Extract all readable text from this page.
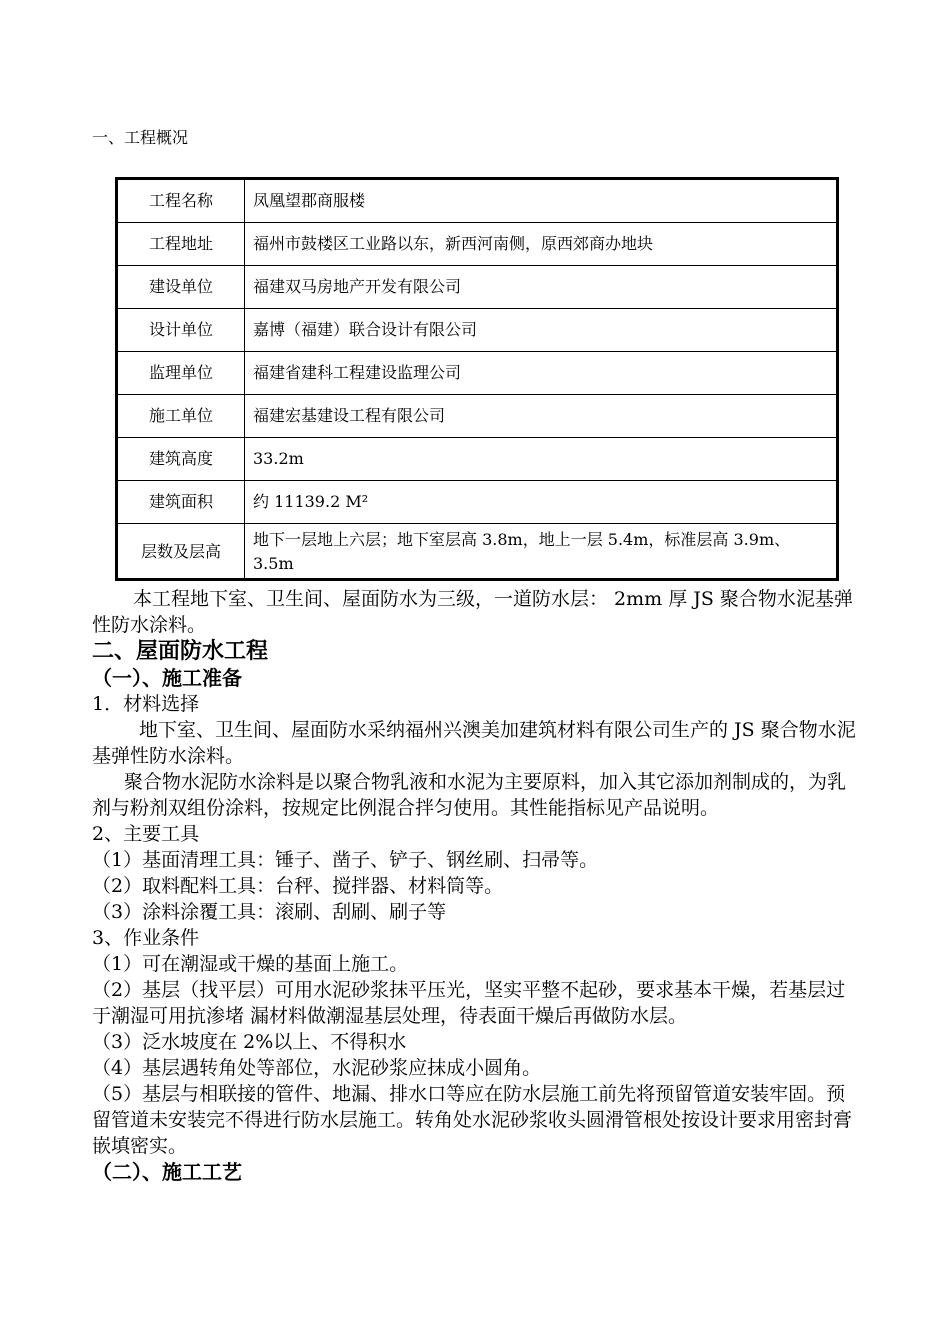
一、工程概况
工程名称	凤凰望郡商服楼
工程地址	福州市鼓楼区工业路以东，新西河南侧，原西郊商办地块
建设单位	福建双马房地产开发有限公司
设计单位	嘉博（福建）联合设计有限公司
监理单位	福建省建科工程建设监理公司
施工单位	福建宏基建设工程有限公司
建筑高度	33.2m
建筑面积	约 11139.2 M²
层数及层高	地下一层地上六层；地下室层高 3.8m，地上一层 5.4m，标准层高 3.9m、3.5m

本工程地下室、卫生间、屋面防水为三级，一道防水层： 2mm 厚 JS 聚合物水泥基弹性防水涂料。

二、屋面防水工程

（一）、施工准备

1．材料选择

地下室、卫生间、屋面防水采纳福州兴澳美加建筑材料有限公司生产的 JS 聚合物水泥基弹性防水涂料。

聚合物水泥防水涂料是以聚合物乳液和水泥为主要原料，加入其它添加剂制成的，为乳剂与粉剂双组份涂料，按规定比例混合拌匀使用。其性能指标见产品说明。

2、主要工具

（1）基面清理工具：锤子、凿子、铲子、钢丝刷、扫帚等。

（2）取料配料工具：台秤、搅拌器、材料筒等。

（3）涂料涂覆工具：滚刷、刮刷、刷子等

3、作业条件

（1）可在潮湿或干燥的基面上施工。

（2）基层（找平层）可用水泥砂浆抹平压光，坚实平整不起砂，要求基本干燥，若基层过于潮湿可用抗渗堵 漏材料做潮湿基层处理，待表面干燥后再做防水层。

（3）泛水坡度在 2%以上、不得积水

（4）基层遇转角处等部位，水泥砂浆应抹成小圆角。

（5）基层与相联接的管件、地漏、排水口等应在防水层施工前先将预留管道安装牢固。预留管道未安装完不得进行防水层施工。转角处水泥砂浆收头圆滑管根处按设计要求用密封膏嵌填密实。

（二）、施工工艺
